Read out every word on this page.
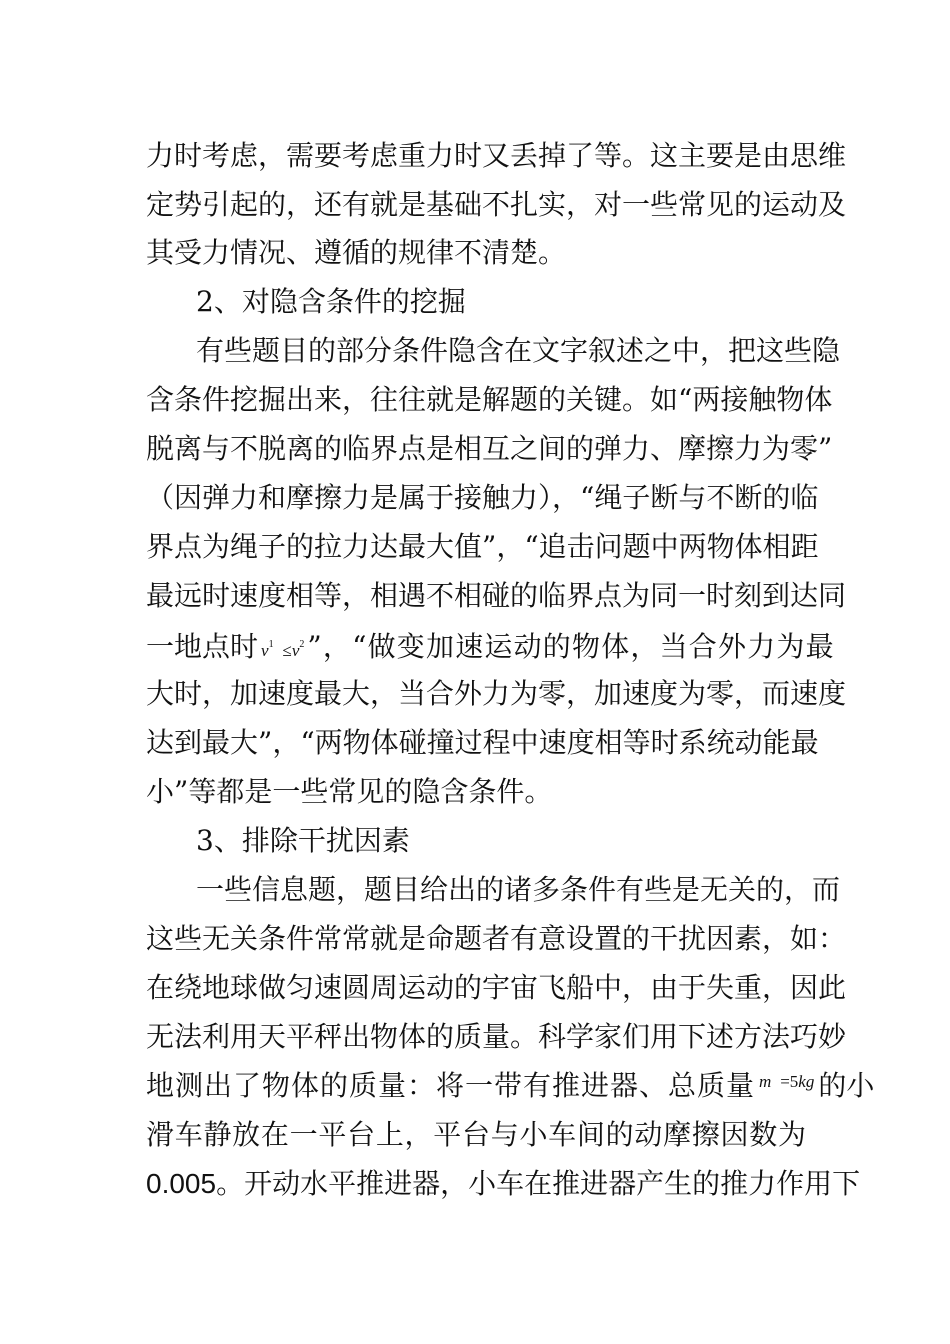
力时考虑，需要考虑重力时又丢掉了等。这主要是由思维
定势引起的，还有就是基础不扎实，对一些常见的运动及
其受力情况、遵循的规律不清楚。
2、对隐含条件的挖掘
有些题目的部分条件隐含在文字叙述之中，把这些隐
含条件挖掘出来，往往就是解题的关键。如“两接触物体
脱离与不脱离的临界点是相互之间的弹力、摩擦力为零”
（因弹力和摩擦力是属于接触力），“绳子断与不断的临
界点为绳子的拉力达最大值”，“追击问题中两物体相距
最远时速度相等，相遇不相碰的临界点为同一时刻到达同
一地点时 $v^1 \le v^2$ ”，“做变加速运动的物体，当合外力为最
大时，加速度最大，当合外力为零，加速度为零，而速度
达到最大”，“两物体碰撞过程中速度相等时系统动能最
小”等都是一些常见的隐含条件。
3、排除干扰因素
一些信息题，题目给出的诸多条件有些是无关的，而
这些无关条件常常就是命题者有意设置的干扰因素，如：
在绕地球做匀速圆周运动的宇宙飞船中，由于失重，因此
无法利用天平秤出物体的质量。科学家们用下述方法巧妙
地测出了物体的质量：将一带有推进器、总质量 m =5kg 的小
滑车静放在一平台上，平台与小车间的动摩擦因数为
0.005。开动水平推进器，小车在推进器产生的推力作用下
